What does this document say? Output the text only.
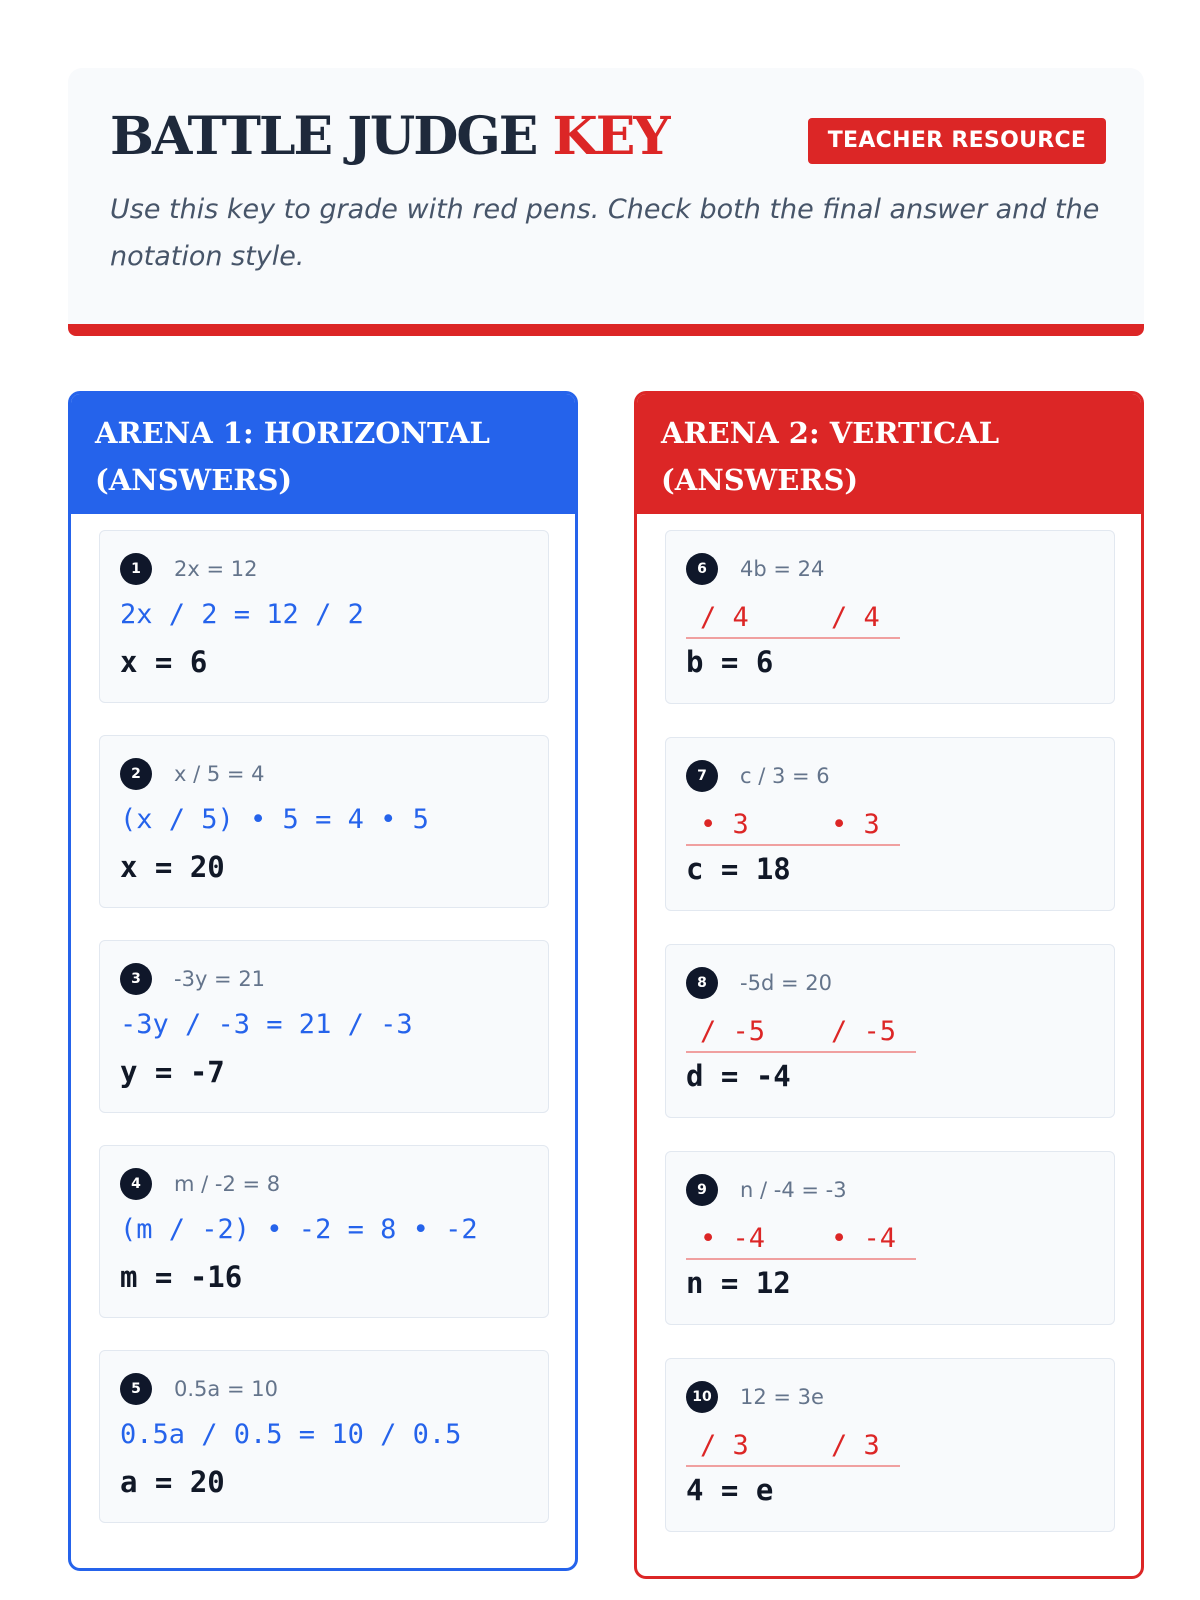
BATTLE JUDGE KEY	TEACHER RESOURCE

Use this key to grade with red pens. Check both the final answer and the notation style.

ARENA 1: HORIZONTAL (ANSWERS)
1	2x = 12
2x / 2 = 12 / 2
x = 6
2	x / 5 = 4
(x / 5) • 5 = 4 • 5
x = 20
3	-3y = 21
-3y / -3 = 21 / -3
y = -7
4	m / -2 = 8
(m / -2) • -2 = 8 • -2
m = -16
5	0.5a = 10
0.5a / 0.5 = 10 / 0.5
a = 20
ARENA 2: VERTICAL (ANSWERS)
6	4b = 24
/ 4	/ 4
b = 6
7	c / 3 = 6
• 3	• 3
c = 18
8	-5d = 20
/ -5	/ -5
d = -4
9	n / -4 = -3
• -4	• -4
n = 12
10 12 = 3e
/ 3	/ 3
4 = e
